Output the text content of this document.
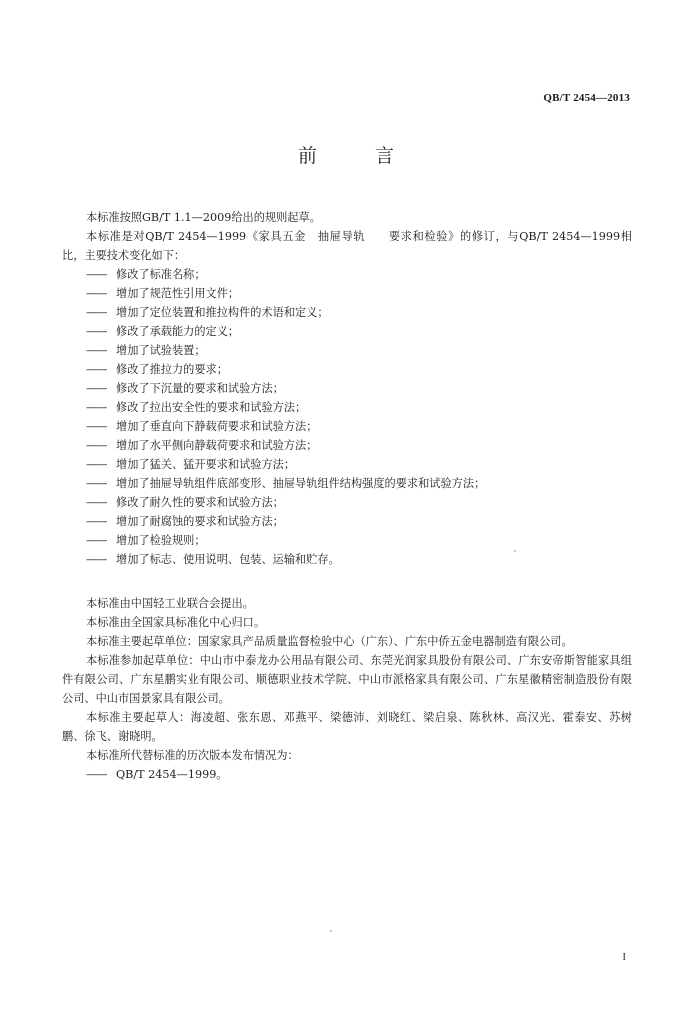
QB/T 2454—2013
前 言

本标准按照GB/T 1.1—2009给出的规则起草。

本标准是对QB/T 2454—1999《家具五金　抽屉导轨　　要求和检验》的修订，与QB/T 2454—1999相比，主要技术变化如下：

—— 修改了标准名称；

—— 增加了规范性引用文件；

—— 增加了定位装置和推拉构件的术语和定义；

—— 修改了承载能力的定义；

—— 增加了试验装置；

—— 修改了推拉力的要求；

—— 修改了下沉量的要求和试验方法；

—— 修改了拉出安全性的要求和试验方法；

—— 增加了垂直向下静载荷要求和试验方法；

—— 增加了水平侧向静载荷要求和试验方法；

—— 增加了猛关、猛开要求和试验方法；

—— 增加了抽屉导轨组件底部变形、抽屉导轨组件结构强度的要求和试验方法；

—— 修改了耐久性的要求和试验方法；

—— 增加了耐腐蚀的要求和试验方法；

—— 增加了检验规则；

—— 增加了标志、使用说明、包装、运输和贮存。

本标准由中国轻工业联合会提出。

本标准由全国家具标准化中心归口。

本标准主要起草单位：国家家具产品质量监督检验中心（广东）、广东中侨五金电器制造有限公司。

本标准参加起草单位：中山市中泰龙办公用品有限公司、东莞光润家具股份有限公司、广东安帝斯智能家具组件有限公司、广东星鹏实业有限公司、顺德职业技术学院、中山市派格家具有限公司、广东星徽精密制造股份有限公司、中山市国景家具有限公司。

本标准主要起草人：海凌超、张东恩、邓燕平、梁德沛、刘晓红、梁启泉、陈秋林、高汉光、霍泰安、苏树鹏、徐飞、谢晓明。

本标准所代替标准的历次版本发布情况为：

—— QB/T 2454—1999。

I
